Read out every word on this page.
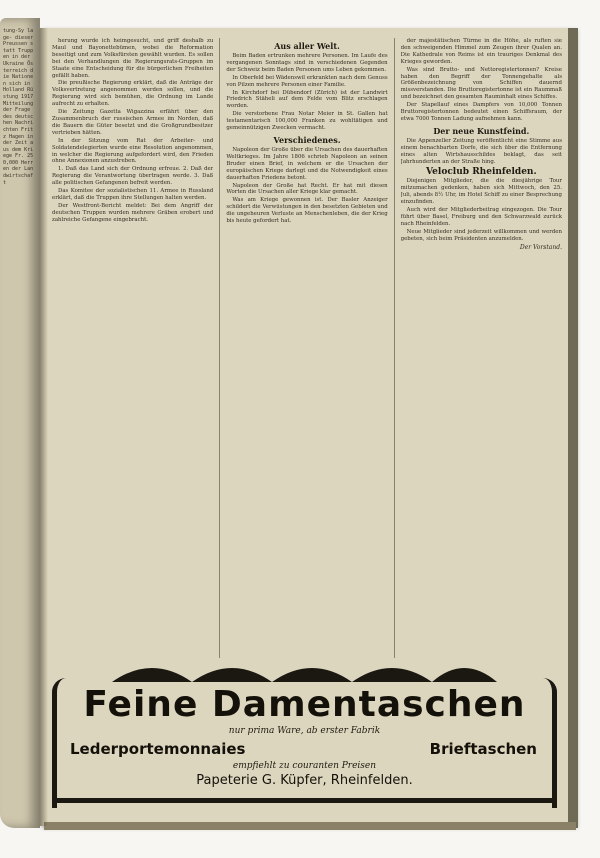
tung-Sy lage- dieser Preussen statt Truppen in der Ukraine Österreich die Nationen sich in Holland Rüstung 1917 Mitteilung der Frage des deutschen Nachrichten Fritz Hagen in der Zeit aus dem Kriege Fr. 250,000 Herren der Landwirtschaft

herung wurde ich heimgesucht, und griff deshalb zu Maul und Bayonettebümen, wobei die Reformation beseitigt und zum Volksfürsten gewählt wurden. Es sollen bei den Verhandlungen die Regierungsrats-Gruppen im Staate eine Entscheidung für die bürgerlichen Freiheiten gefällt haben.

Die preußische Regierung erklärt, daß die Anträge der Volksvertretung angenommen werden sollen, und die Regierung wird sich bemühen, die Ordnung im Lande aufrecht zu erhalten.

Die Zeitung Gazetta Wigazzina erfährt über den Zusammenbruch der russischen Armee im Norden, daß die Bauern die Güter besetzt und die Großgrundbesitzer vertrieben hätten.

In der Sitzung vom Rat der Arbeiter- und Soldatendelegierten wurde eine Resolution angenommen, in welcher die Regierung aufgefordert wird, den Frieden ohne Annexionen anzustreben.

1. Daß das Land sich der Ordnung erfreue. 2. Daß der Regierung die Verantwortung übertragen werde. 3. Daß alle politischen Gefangenen befreit werden.

Das Komitee der sozialistischen 11. Armee in Russland erklärt, daß die Truppen ihre Stellungen halten werden.

Der Westfront-Bericht meldet: Bei dem Angriff der deutschen Truppen wurden mehrere Gräben erobert und zahlreiche Gefangene eingebracht.

Aus aller Welt.

Beim Baden ertrunken mehrere Personen. Im Laufe des vergangenen Sonntags sind in verschiedenen Gegenden der Schweiz beim Baden Personen ums Leben gekommen.

In Oberfeld bei Wädenswil erkrankten nach dem Genuss von Pilzen mehrere Personen einer Familie.

In Kirchdorf bei Dübendorf (Zürich) ist der Landwirt Friedrich Stäheli auf dem Felde vom Blitz erschlagen worden.

Die verstorbene Frau Notar Meier in St. Gallen hat testamentarisch 100,000 Franken zu wohltätigen und gemeinnützigen Zwecken vermacht.

Verschiedenes.

Napoleon der Große über die Ursachen des dauerhaften Weltkrieges. Im Jahre 1806 schrieb Napoleon an seinen Bruder einen Brief, in welchem er die Ursachen der europäischen Kriege darlegt und die Notwendigkeit eines dauerhaften Friedens betont.

Napoleon der Große hat Recht. Er hat mit diesen Worten die Ursachen aller Kriege klar gemacht.

Was am Kriege gewonnen ist. Der Basler Anzeiger schildert die Verwüstungen in den besetzten Gebieten und die ungeheuren Verluste an Menschenleben, die der Krieg bis heute gefordert hat.

der majestätischen Türme in die Höhe, als ruften sie den schweigenden Himmel zum Zeugen ihrer Qualen an. Die Kathedrale von Reims ist ein trauriges Denkmal des Krieges geworden.

Was sind Brutto- und Nettoregistertonnen? Kreise haben den Begriff der Tonnengehalte als Größenbezeichnung von Schiffen dauernd missverstanden. Die Bruttoregistertonne ist ein Raummaß und bezeichnet den gesamten Rauminhalt eines Schiffes.

Der Stapellauf eines Dampfers von 10,000 Tonnen Bruttoregistertonnen bedeutet einen Schiffsraum, der etwa 7000 Tonnen Ladung aufnehmen kann.

Der neue Kunstfeind.

Die Appenzeller Zeitung veröffentlicht eine Stimme aus einem benachbarten Dorfe, die sich über die Entfernung eines alten Wirtshausschildes beklagt, das seit Jahrhunderten an der Straße hing.

Veloclub Rheinfelden.

Diejenigen Mitglieder, die die diesjährige Tour mitzumachen gedenken, haben sich Mittwoch, den 25. Juli, abends 8½ Uhr, im Hotel Schiff zu einer Besprechung einzufinden.

Auch wird der Mitgliederbeitrag eingezogen. Die Tour führt über Basel, Freiburg und den Schwarzwald zurück nach Rheinfelden.

Neue Mitglieder sind jederzeit willkommen und werden gebeten, sich beim Präsidenten anzumelden.

Der Vorstand.
Feine Damentaschen
nur prima Ware, ab erster Fabrik
Lederportemonnaies	Brieftaschen
empfiehlt zu couranten Preisen
Papeterie G. Küpfer, Rheinfelden.
